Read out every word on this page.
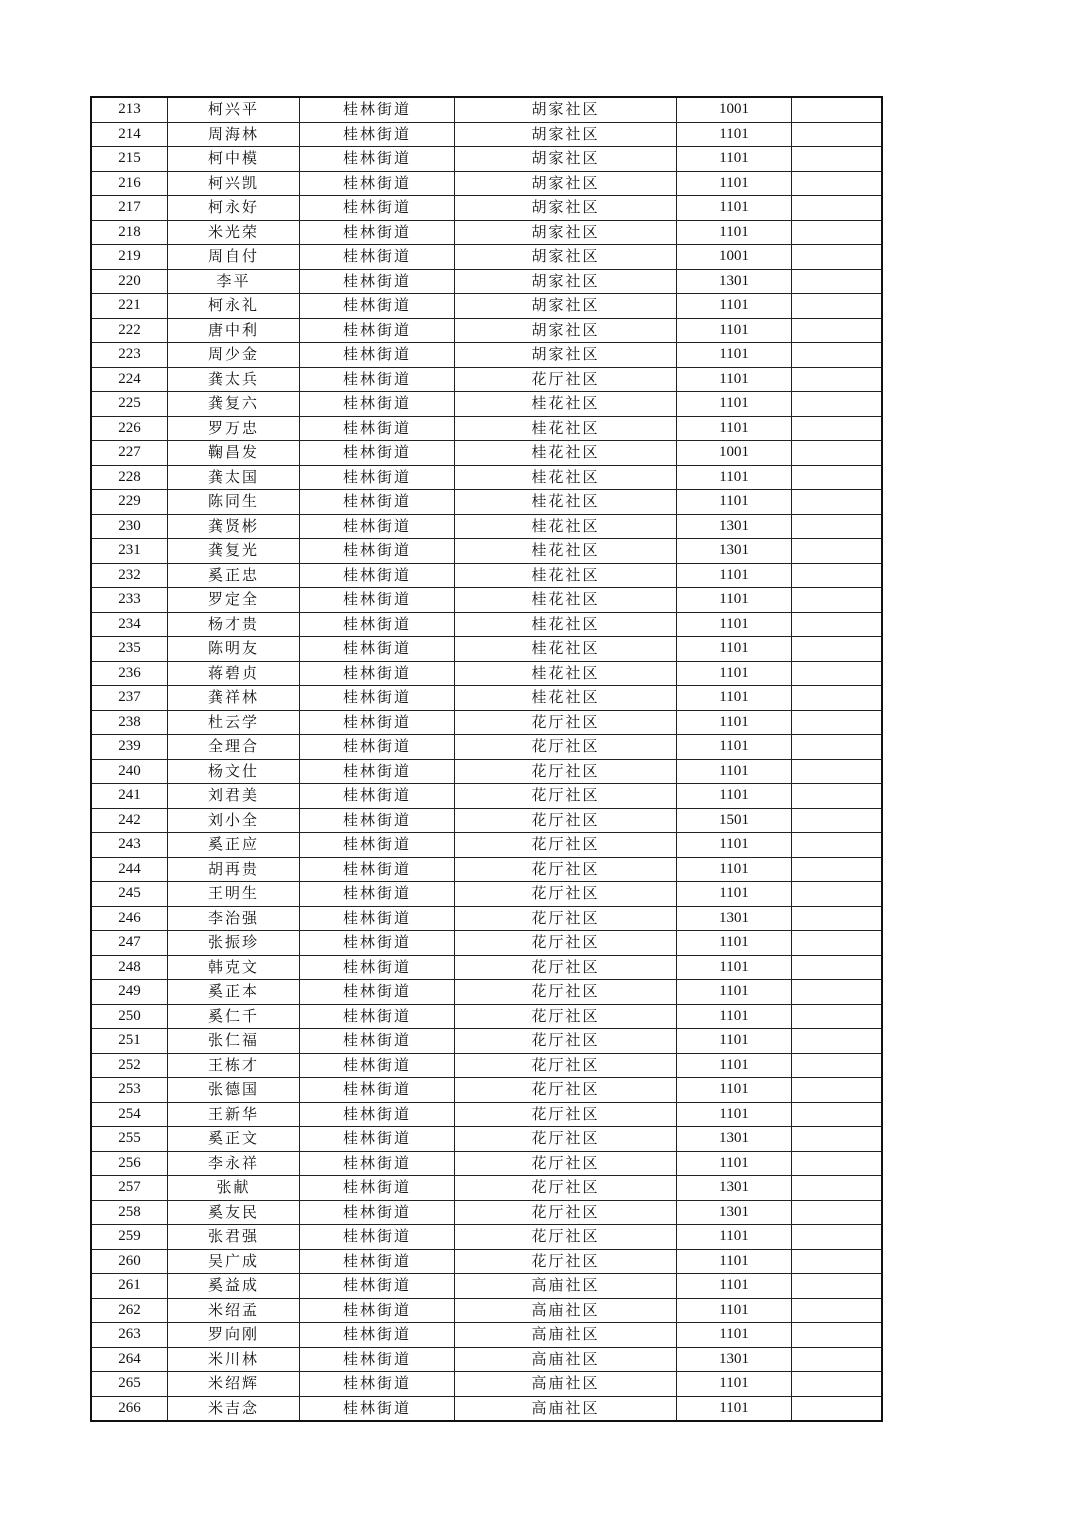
213	柯兴平	桂林街道	胡家社区	1001	
214	周海林	桂林街道	胡家社区	1101	
215	柯中模	桂林街道	胡家社区	1101	
216	柯兴凯	桂林街道	胡家社区	1101	
217	柯永好	桂林街道	胡家社区	1101	
218	米光荣	桂林街道	胡家社区	1101	
219	周自付	桂林街道	胡家社区	1001	
220	李平	桂林街道	胡家社区	1301	
221	柯永礼	桂林街道	胡家社区	1101	
222	唐中利	桂林街道	胡家社区	1101	
223	周少金	桂林街道	胡家社区	1101	
224	龚太兵	桂林街道	花厅社区	1101	
225	龚复六	桂林街道	桂花社区	1101	
226	罗万忠	桂林街道	桂花社区	1101	
227	鞠昌发	桂林街道	桂花社区	1001	
228	龚太国	桂林街道	桂花社区	1101	
229	陈同生	桂林街道	桂花社区	1101	
230	龚贤彬	桂林街道	桂花社区	1301	
231	龚复光	桂林街道	桂花社区	1301	
232	奚正忠	桂林街道	桂花社区	1101	
233	罗定全	桂林街道	桂花社区	1101	
234	杨才贵	桂林街道	桂花社区	1101	
235	陈明友	桂林街道	桂花社区	1101	
236	蒋碧贞	桂林街道	桂花社区	1101	
237	龚祥林	桂林街道	桂花社区	1101	
238	杜云学	桂林街道	花厅社区	1101	
239	全理合	桂林街道	花厅社区	1101	
240	杨文仕	桂林街道	花厅社区	1101	
241	刘君美	桂林街道	花厅社区	1101	
242	刘小全	桂林街道	花厅社区	1501	
243	奚正应	桂林街道	花厅社区	1101	
244	胡再贵	桂林街道	花厅社区	1101	
245	王明生	桂林街道	花厅社区	1101	
246	李治强	桂林街道	花厅社区	1301	
247	张振珍	桂林街道	花厅社区	1101	
248	韩克文	桂林街道	花厅社区	1101	
249	奚正本	桂林街道	花厅社区	1101	
250	奚仁千	桂林街道	花厅社区	1101	
251	张仁福	桂林街道	花厅社区	1101	
252	王栋才	桂林街道	花厅社区	1101	
253	张德国	桂林街道	花厅社区	1101	
254	王新华	桂林街道	花厅社区	1101	
255	奚正文	桂林街道	花厅社区	1301	
256	李永祥	桂林街道	花厅社区	1101	
257	张献	桂林街道	花厅社区	1301	
258	奚友民	桂林街道	花厅社区	1301	
259	张君强	桂林街道	花厅社区	1101	
260	吴广成	桂林街道	花厅社区	1101	
261	奚益成	桂林街道	高庙社区	1101	
262	米绍孟	桂林街道	高庙社区	1101	
263	罗向刚	桂林街道	高庙社区	1101	
264	米川林	桂林街道	高庙社区	1301	
265	米绍辉	桂林街道	高庙社区	1101	
266	米吉念	桂林街道	高庙社区	1101	
